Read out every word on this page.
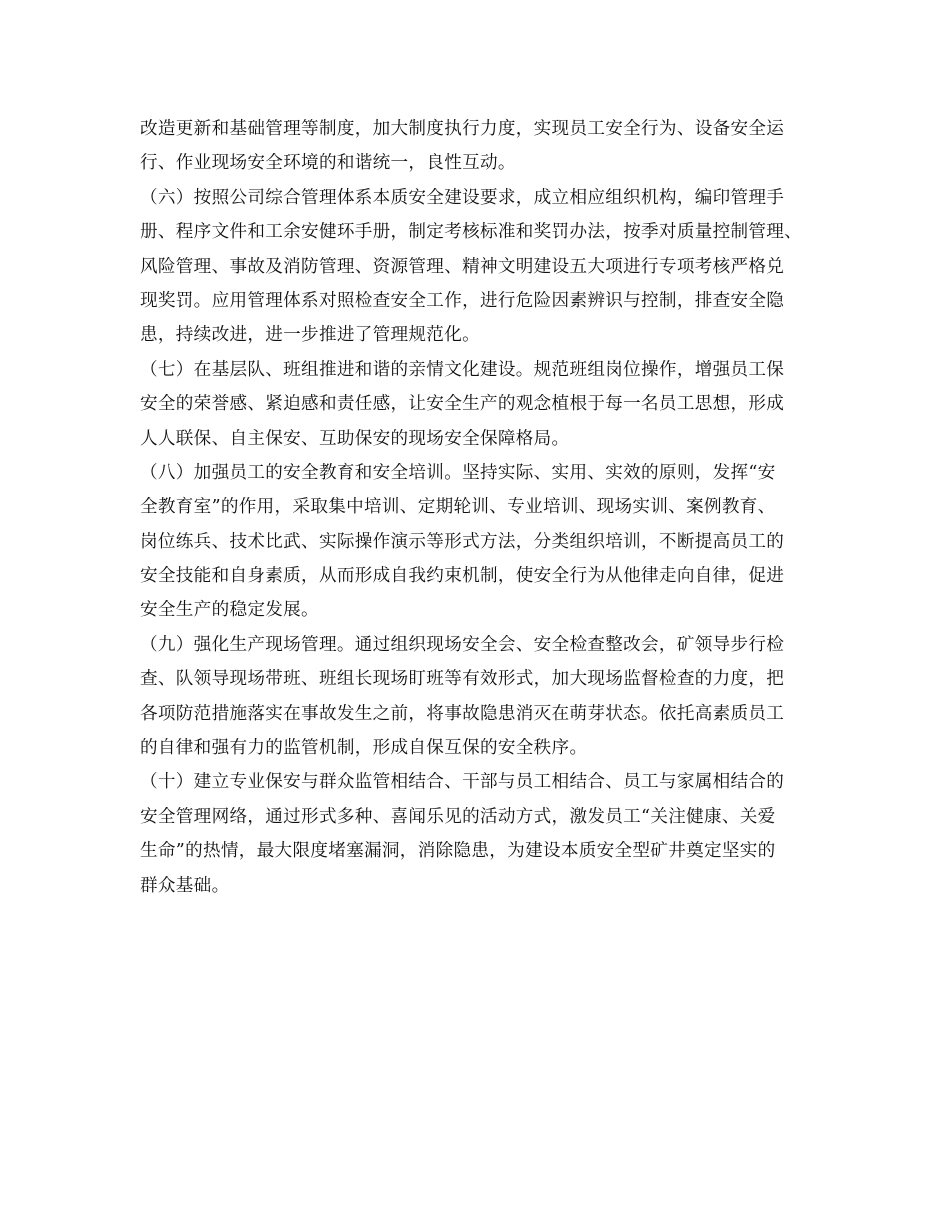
改造更新和基础管理等制度，加大制度执行力度，实现员工安全行为、设备安全运
行、作业现场安全环境的和谐统一，良性互动。
（六）按照公司综合管理体系本质安全建设要求，成立相应组织机构，编印管理手
册、程序文件和工余安健环手册，制定考核标准和奖罚办法，按季对质量控制管理、
风险管理、事故及消防管理、资源管理、精神文明建设五大项进行专项考核严格兑
现奖罚。应用管理体系对照检查安全工作，进行危险因素辨识与控制，排查安全隐
患，持续改进，进一步推进了管理规范化。
（七）在基层队、班组推进和谐的亲情文化建设。规范班组岗位操作，增强员工保
安全的荣誉感、紧迫感和责任感，让安全生产的观念植根于每一名员工思想，形成
人人联保、自主保安、互助保安的现场安全保障格局。
（八）加强员工的安全教育和安全培训。坚持实际、实用、实效的原则，发挥“安
全教育室”的作用，采取集中培训、定期轮训、专业培训、现场实训、案例教育、
岗位练兵、技术比武、实际操作演示等形式方法，分类组织培训，不断提高员工的
安全技能和自身素质，从而形成自我约束机制，使安全行为从他律走向自律，促进
安全生产的稳定发展。
（九）强化生产现场管理。通过组织现场安全会、安全检查整改会，矿领导步行检
查、队领导现场带班、班组长现场盯班等有效形式，加大现场监督检查的力度，把
各项防范措施落实在事故发生之前，将事故隐患消灭在萌芽状态。依托高素质员工
的自律和强有力的监管机制，形成自保互保的安全秩序。
（十）建立专业保安与群众监管相结合、干部与员工相结合、员工与家属相结合的
安全管理网络，通过形式多种、喜闻乐见的活动方式，激发员工“关注健康、关爱
生命”的热情，最大限度堵塞漏洞，消除隐患，为建设本质安全型矿井奠定坚实的
群众基础。
